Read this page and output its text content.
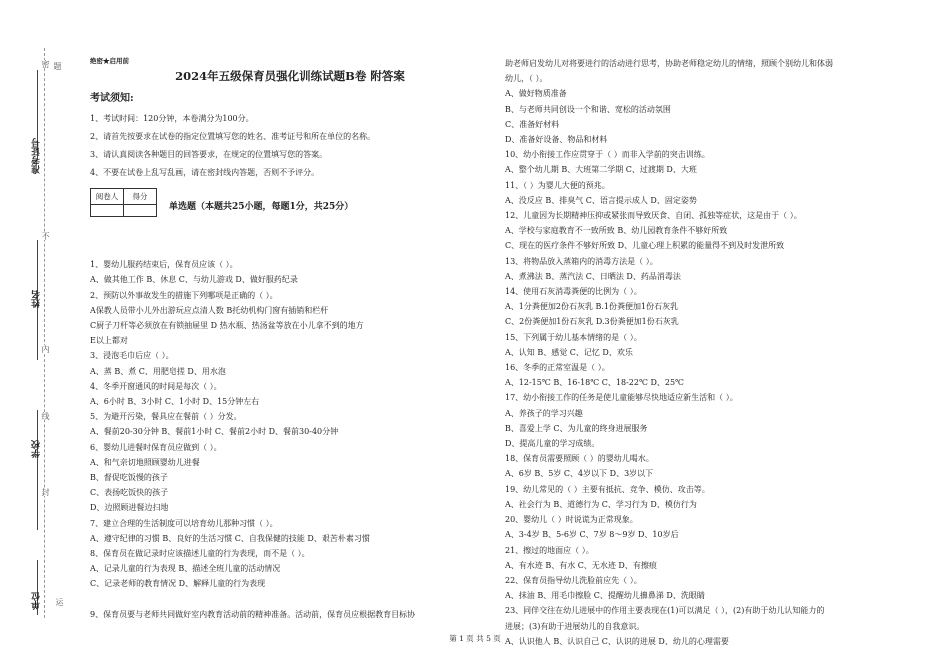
准考证号
姓名
学校
单位
密
不
内
线
封
运
题
绝密★启用前
2024年五级保育员强化训练试题B卷 附答案
考试须知:
1、考试时间：120分钟，本卷满分为100分。
2、请首先按要求在试卷的指定位置填写您的姓名、准考证号和所在单位的名称。
3、请认真阅读各种题目的回答要求，在规定的位置填写您的答案。
4、不要在试卷上乱写乱画，请在密封线内答题，否则不予评分。
阅卷人	得分

单选题（本题共25小题，每题1分，共25分）
1、婴幼儿服药结束后，保育员应该（ ）。
A、做其他工作 B、休息 C、与幼儿游戏 D、做好服药纪录
2、预防以外事故发生的措施下列哪项是正确的（ ）。
A保教人员带小儿外出游玩应点清人数 B托幼机构门窗有插销和栏杆
C厨子刀杆等必须放在有锁抽屉里 D 热水瓶、热汤盆等放在小儿拿不到的地方
E以上都对
3、浸泡毛巾后应（ ）。
A、蒸 B、煮 C、用肥皂搓 D、用水泡
4、冬季开窗通风的时间是每次（ ）。
A、6小时 B、3小时 C、1小时 D、15分钟左右
5、为避开污染，餐具应在餐前（ ）分发。
A、餐前20-30分钟 B、餐前1小时 C、餐前2小时 D、餐前30-40分钟
6、婴幼儿进餐时保育员应做到（ ）。
A、和气亲切地照顾婴幼儿进餐
B、督促吃饭慢的孩子
C、表扬吃饭快的孩子
D、边照顾进餐边扫地
7、建立合理的生活制度可以培育幼儿那种习惯（ ）。
A、遵守纪律的习惯 B、良好的生活习惯 C、自我保健的技能 D、艰苦朴素习惯
8、保育员在做记录时应该描述儿童的行为表现，而不是（ ）。
A、记录儿童的行为表现 B、描述全班儿童的活动情况
C、记录老师的教育情况 D、解释儿童的行为表现
9、保育员要与老师共同做好室内教育活动前的精神准备。活动前，保育员应根据教育目标协
助老师启发幼儿对将要进行的活动进行思考，协助老师稳定幼儿的情绪，照顾个别幼儿和体弱
幼儿，（ ）。
A、做好物质准备
B、与老师共同创设一个和谐、宽松的活动氛围
C、准备好材料
D、准备好设备、物品和材料
10、幼小衔接工作应贯穿于（ ）而非入学前的突击训练。
A、整个幼儿期 B、大班第二学期 C、过渡期 D、大班
11、（ ）为婴儿大便的预兆。
A、没反应 B、排臭气 C、语言提示成人 D、固定姿势
12、儿童因为长期精神压抑或紧张而导致厌食、自闭、孤独等症状，这是由于（ ）。
A、学校与家庭教育不一致所致 B、幼儿园教育条件不够好所致
C、现在的医疗条件不够好所致 D、儿童心理上积累的能量得不到及时发泄所致
13、将物品放入蒸箱内的消毒方法是（ ）。
A、煮沸法 B、蒸汽法 C、日晒法 D、药品消毒法
14、使用石灰消毒粪便的比例为（ ）。
A、1分粪便加2份石灰乳 B.1份粪便加1份石灰乳
C、2份粪便加1份石灰乳 D.3份粪便加1份石灰乳
15、下列属于幼儿基本情绪的是（ ）。
A、认知 B、感觉 C、记忆 D、欢乐
16、冬季的正常室温是（ ）。
A、12-15℃ B、16-18℃ C、18-22℃ D、25℃
17、幼小衔接工作的任务是使儿童能够尽快地适应新生活和（ ）。
A、养孩子的学习兴趣
B、喜爱上学 C、为儿童的终身进展服务
D、提高儿童的学习成绩。
18、保育员需要照顾（ ）的婴幼儿喝水。
A、6岁 B、5岁 C、4岁以下 D、3岁以下
19、幼儿常见的（ ）主要有抵抗、竞争、模仿、攻击等。
A、社会行为 B、道德行为 C、学习行为 D、模仿行为
20、婴幼儿（ ）时说谎为正常现象。
A、3-4岁 B、5-6岁 C、7岁 8～9岁 D、10岁后
21、擦过的地面应（ ）。
A、有水迹 B、有水 C、无水迹 D、有擦痕
22、保育员指导幼儿洗脸前应先（ ）。
A、抹油 B、用毛巾擦脸 C、提醒幼儿擤鼻涕 D、洗眼睛
23、同伴交往在幼儿进展中的作用主要表现在(1)可以满足（ ），(2)有助于幼儿认知能力的
进展；(3)有助于进展幼儿的自我意识。
A、认识他人 B、认识自己 C、认识的进展 D、幼儿的心理需要
第 1 页 共 5 页
